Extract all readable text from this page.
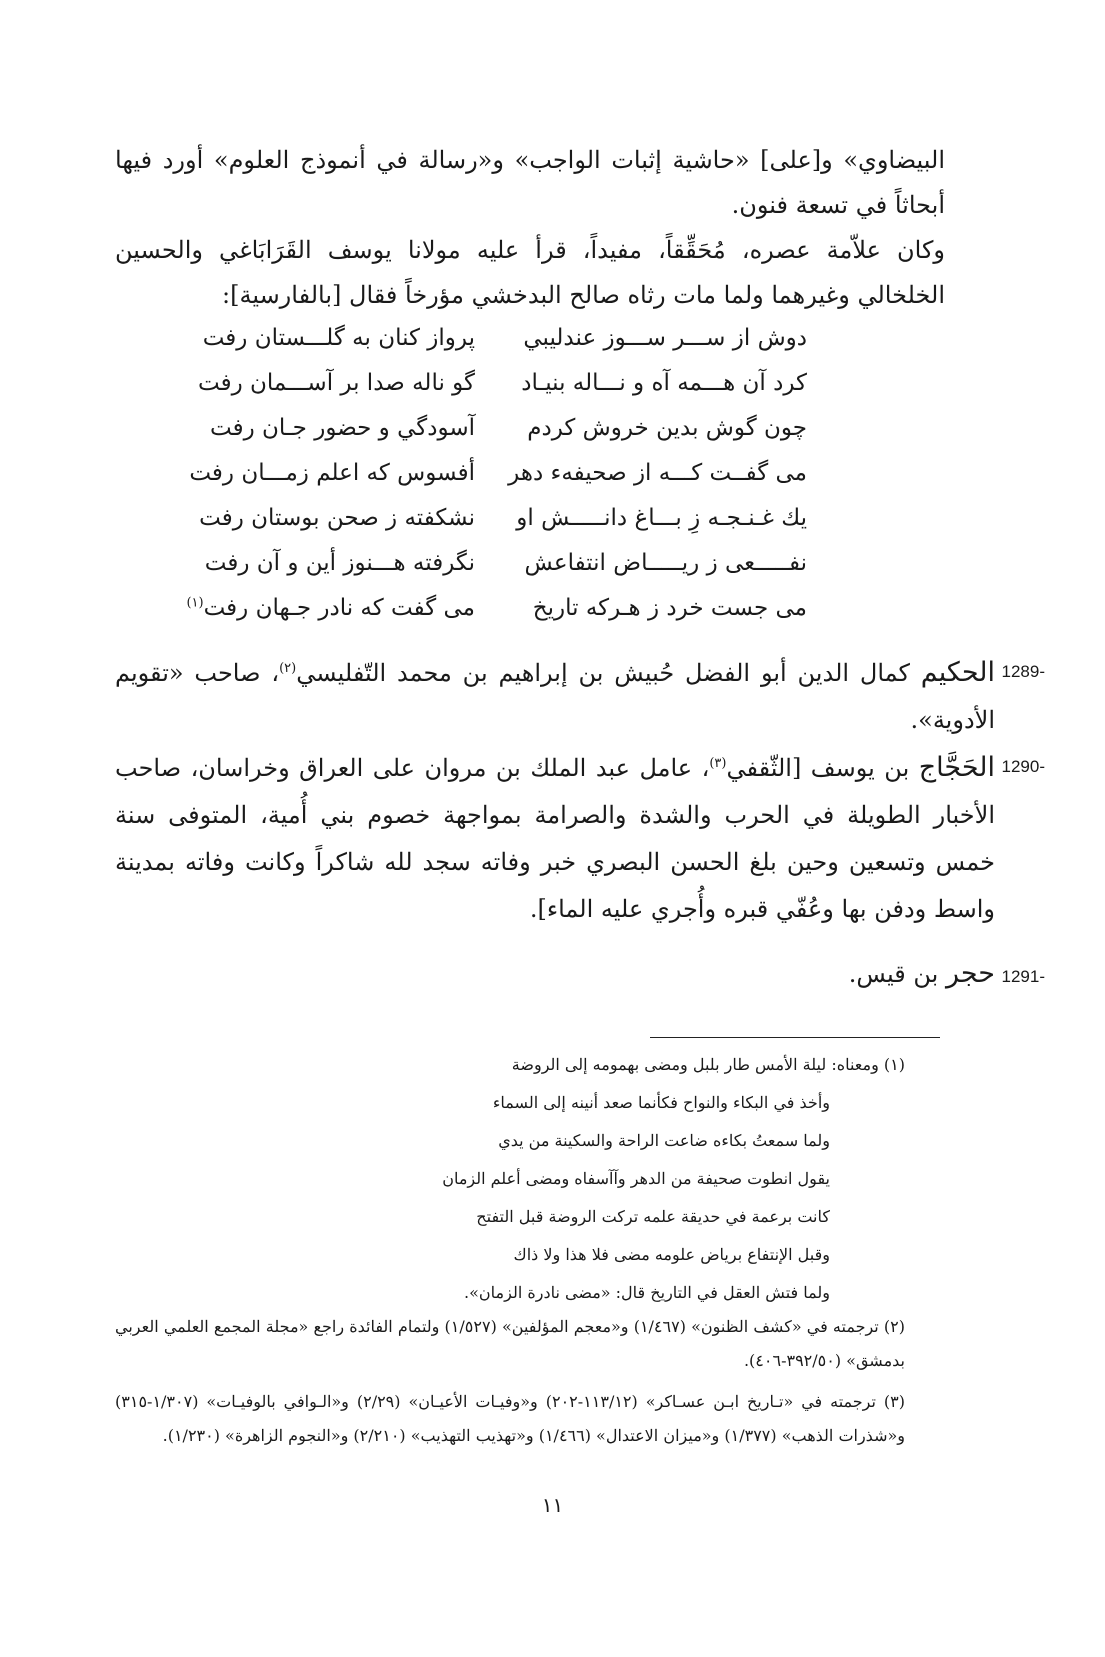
البيضاوي» و[على] «حاشية إثبات الواجب» و«رسالة في أنموذج العلوم» أورد فيها أبحاثاً في تسعة فنون.

وكان علاّمة عصره، مُحَقِّقاً، مفيداً، قرأ عليه مولانا يوسف القَرَابَاغي والحسين الخلخالي وغيرهما ولما مات رثاه صالح البدخشي مؤرخاً فقال [بالفارسية]:

دوش از ســـر ســـوز عندليبي
پرواز كنان به گلـــستان رفت
كرد آن هـــمه آه و نـــاله بنيـاد
گو ناله صدا بر آســـمان رفت
چون گوش بدين خروش كردم
آسودگي و حضور جـان رفت
مى گفــت كـــه از صحيفهء دهر
أفسوس كه اعلم زمـــان رفت
يك غـنـجـه زِ بـــاغ دانـــــش او
نشكفته ز صحن بوستان رفت
نفـــــعى ز ريـــــاض انتفاعش
نگرفته هـــنوز أين و آن رفت
مى جست خرد ز هـركه تاريخ
مى گفت كه نادر جـهان رفت$^{(١)}$
1289-
الحكيم كمال الدين أبو الفضل حُبيش بن إبراهيم بن محمد التّفليسي$^{(٢)}$، صاحب «تقويم الأدوية».
1290-
الحَجَّاج بن يوسف [الثّقفي$^{(٣)}$، عامل عبد الملك بن مروان على العراق وخراسان، صاحب الأخبار الطويلة في الحرب والشدة والصرامة بمواجهة خصوم بني أُمية، المتوفى سنة خمس وتسعين وحين بلغ الحسن البصري خبر وفاته سجد لله شاكراً وكانت وفاته بمدينة واسط ودفن بها وعُفّي قبره وأُجري عليه الماء].
1291-
حجر بن قيس.
(١) ومعناه: ليلة الأمس طار بلبل ومضى بهمومه إلى الروضة
وأخذ في البكاء والنواح فكأنما صعد أنينه إلى السماء
ولما سمعتُ بكاءه ضاعت الراحة والسكينة من يدي
يقول انطوت صحيفة من الدهر وآآسفاه ومضى أعلم الزمان
كانت برعمة في حديقة علمه تركت الروضة قبل التفتح
وقبل الإنتفاع برياض علومه مضى فلا هذا ولا ذاك
ولما فتش العقل في التاريخ قال: «مضى نادرة الزمان».
(٢) ترجمته في «كشف الظنون» (١/٤٦٧) و«معجم المؤلفين» (١/٥٢٧) ولتمام الفائدة راجع «مجلة المجمع العلمي العربي بدمشق» (٣٩٢/٥٠-٤٠٦).
(٣) ترجمته في «تـاريخ ابـن عسـاكر» (١١٣/١٢-٢٠٢) و«وفيـات الأعيـان» (٢/٢٩) و«الـوافي بالوفيـات» (١/٣٠٧-٣١٥) و«شذرات الذهب» (١/٣٧٧) و«ميزان الاعتدال» (١/٤٦٦) و«تهذيب التهذيب» (٢/٢١٠) و«النجوم الزاهرة» (١/٢٣٠).
١١
